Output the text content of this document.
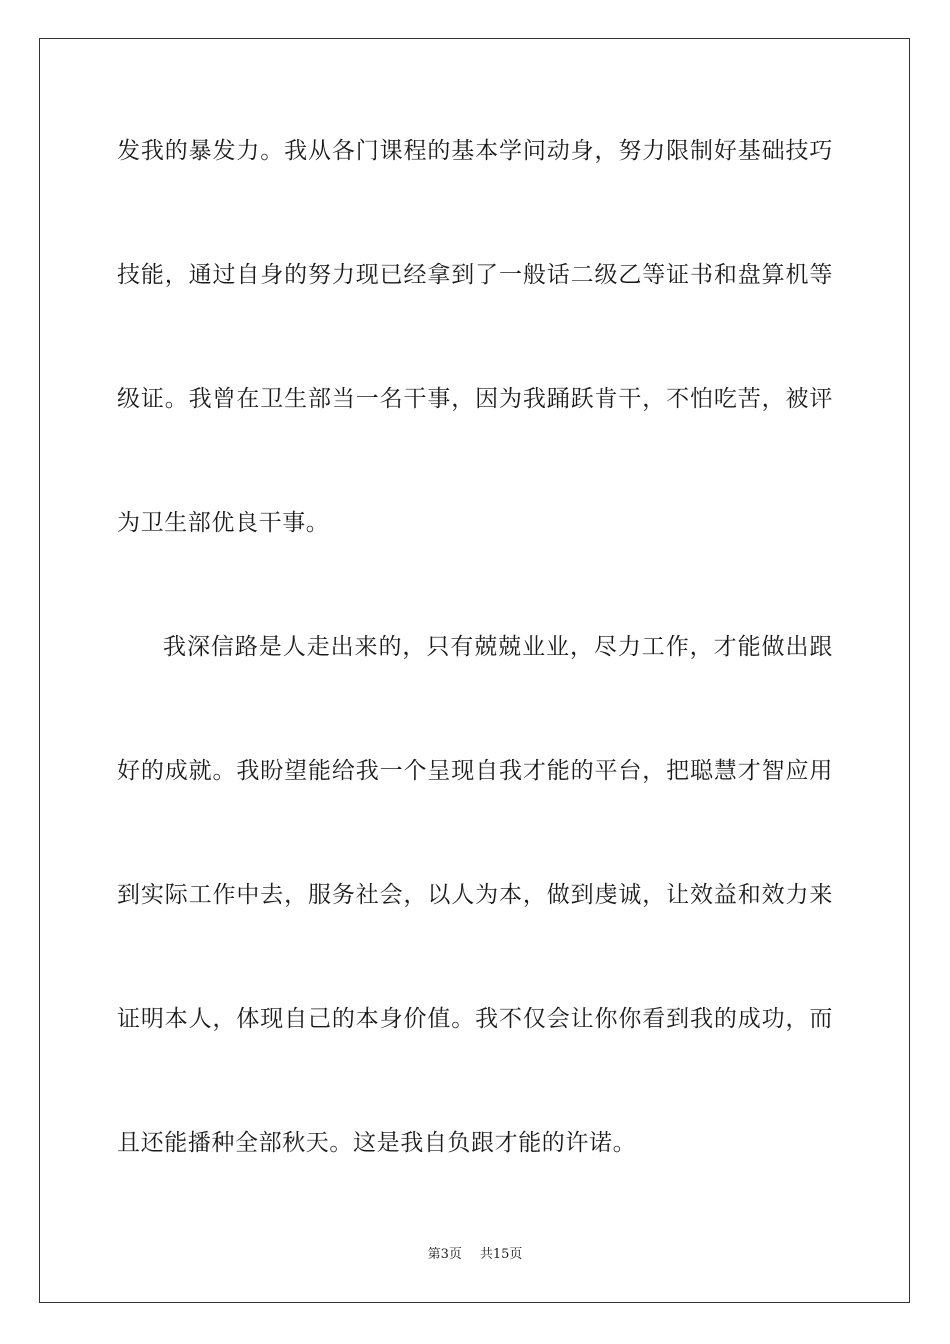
发我的暴发力。我从各门课程的基本学问动身，努力限制好基础技巧
技能，通过自身的努力现已经拿到了一般话二级乙等证书和盘算机等
级证。我曾在卫生部当一名干事，因为我踊跃肯干，不怕吃苦，被评
为卫生部优良干事。
我深信路是人走出来的，只有兢兢业业，尽力工作，才能做出跟
好的成就。我盼望能给我一个呈现自我才能的平台，把聪慧才智应用
到实际工作中去，服务社会，以人为本，做到虔诚，让效益和效力来
证明本人，体现自己的本身价值。我不仅会让你你看到我的成功，而
且还能播种全部秋天。这是我自负跟才能的许诺。
第3页 共15页
